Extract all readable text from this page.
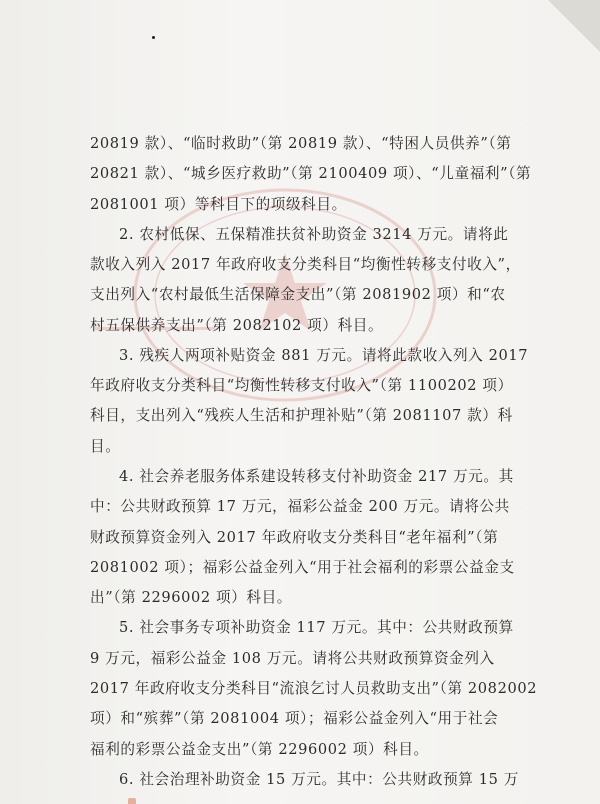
20819 款）、“临时救助”（第 20819 款）、“特困人员供养”（第
20821 款）、“城乡医疗救助”（第 2100409 项）、“儿童福利”（第
2081001 项）等科目下的项级科目。
2. 农村低保、五保精准扶贫补助资金 3214 万元。请将此
款收入列入 2017 年政府收支分类科目“均衡性转移支付收入”，
支出列入“农村最低生活保障金支出”（第 2081902 项）和“农
村五保供养支出”（第 2082102 项）科目。
3. 残疾人两项补贴资金 881 万元。请将此款收入列入 2017
年政府收支分类科目“均衡性转移支付收入”（第 1100202 项）
科目，支出列入“残疾人生活和护理补贴”（第 2081107 款）科
目。
4. 社会养老服务体系建设转移支付补助资金 217 万元。其
中：公共财政预算 17 万元，福彩公益金 200 万元。请将公共
财政预算资金列入 2017 年政府收支分类科目“老年福利”（第
2081002 项）；福彩公益金列入“用于社会福利的彩票公益金支
出”（第 2296002 项）科目。
5. 社会事务专项补助资金 117 万元。其中：公共财政预算
9 万元，福彩公益金 108 万元。请将公共财政预算资金列入
2017 年政府收支分类科目“流浪乞讨人员救助支出”（第 2082002
项）和“殡葬”（第 2081004 项）；福彩公益金列入“用于社会
福利的彩票公益金支出”（第 2296002 项）科目。
6. 社会治理补助资金 15 万元。其中：公共财政预算 15 万
